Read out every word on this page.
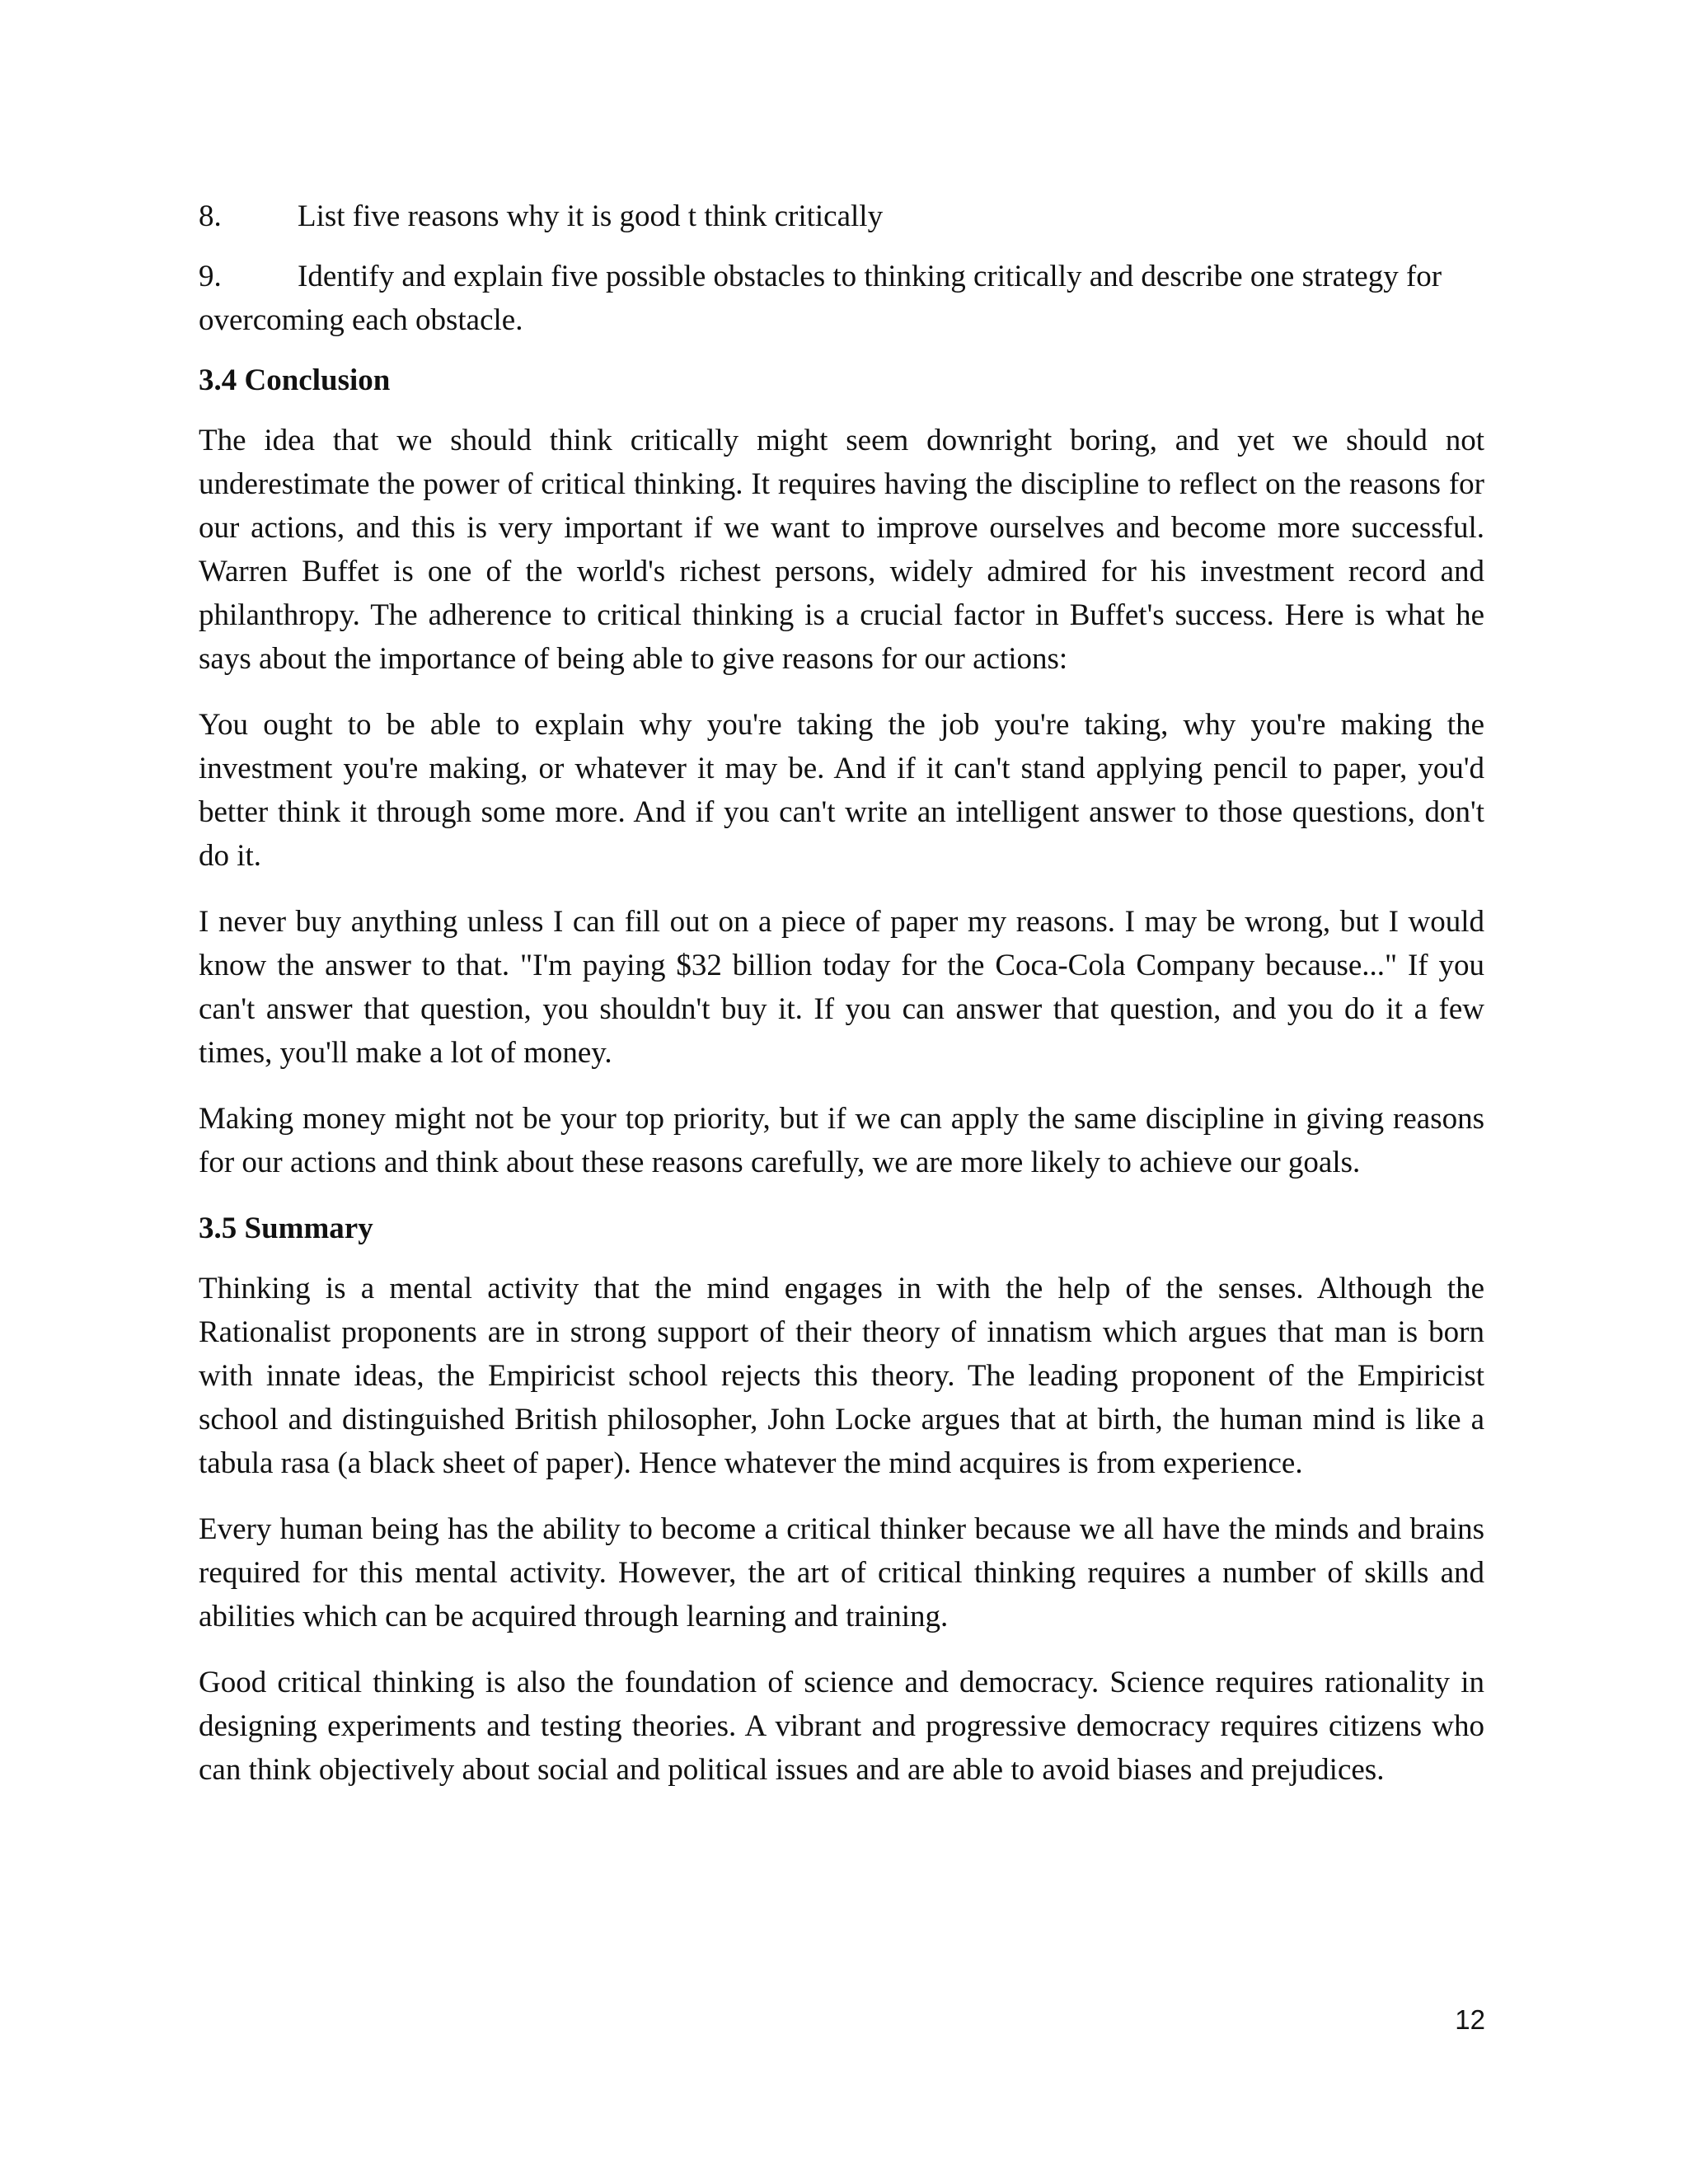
8.	List five reasons why it is good t think critically
9. Identify and explain five possible obstacles to thinking critically and describe one strategy for overcoming each obstacle.
3.4 Conclusion

The idea that we should think critically might seem downright boring, and yet we should not underestimate the power of critical thinking. It requires having the discipline to reflect on the reasons for our actions, and this is very important if we want to improve ourselves and become more successful. Warren Buffet is one of the world's richest persons, widely admired for his investment record and philanthropy. The adherence to critical thinking is a crucial factor in Buffet's success. Here is what he says about the importance of being able to give reasons for our actions:

You ought to be able to explain why you're taking the job you're taking, why you're making the investment you're making, or whatever it may be. And if it can't stand applying pencil to paper, you'd better think it through some more. And if you can't write an intelligent answer to those questions, don't do it.

I never buy anything unless I can fill out on a piece of paper my reasons. I may be wrong, but I would know the answer to that. "I'm paying $32 billion today for the Coca-Cola Company because..." If you can't answer that question, you shouldn't buy it. If you can answer that question, and you do it a few times, you'll make a lot of money.

Making money might not be your top priority, but if we can apply the same discipline in giving reasons for our actions and think about these reasons carefully, we are more likely to achieve our goals.

3.5 Summary

Thinking is a mental activity that the mind engages in with the help of the senses. Although the Rationalist proponents are in strong support of their theory of innatism which argues that man is born with innate ideas, the Empiricist school rejects this theory. The leading proponent of the Empiricist school and distinguished British philosopher, John Locke argues that at birth, the human mind is like a tabula rasa (a black sheet of paper). Hence whatever the mind acquires is from experience.

Every human being has the ability to become a critical thinker because we all have the minds and brains required for this mental activity. However, the art of critical thinking requires a number of skills and abilities which can be acquired through learning and training.

Good critical thinking is also the foundation of science and democracy. Science requires rationality in designing experiments and testing theories. A vibrant and progressive democracy requires citizens who can think objectively about social and political issues and are able to avoid biases and prejudices.

12
